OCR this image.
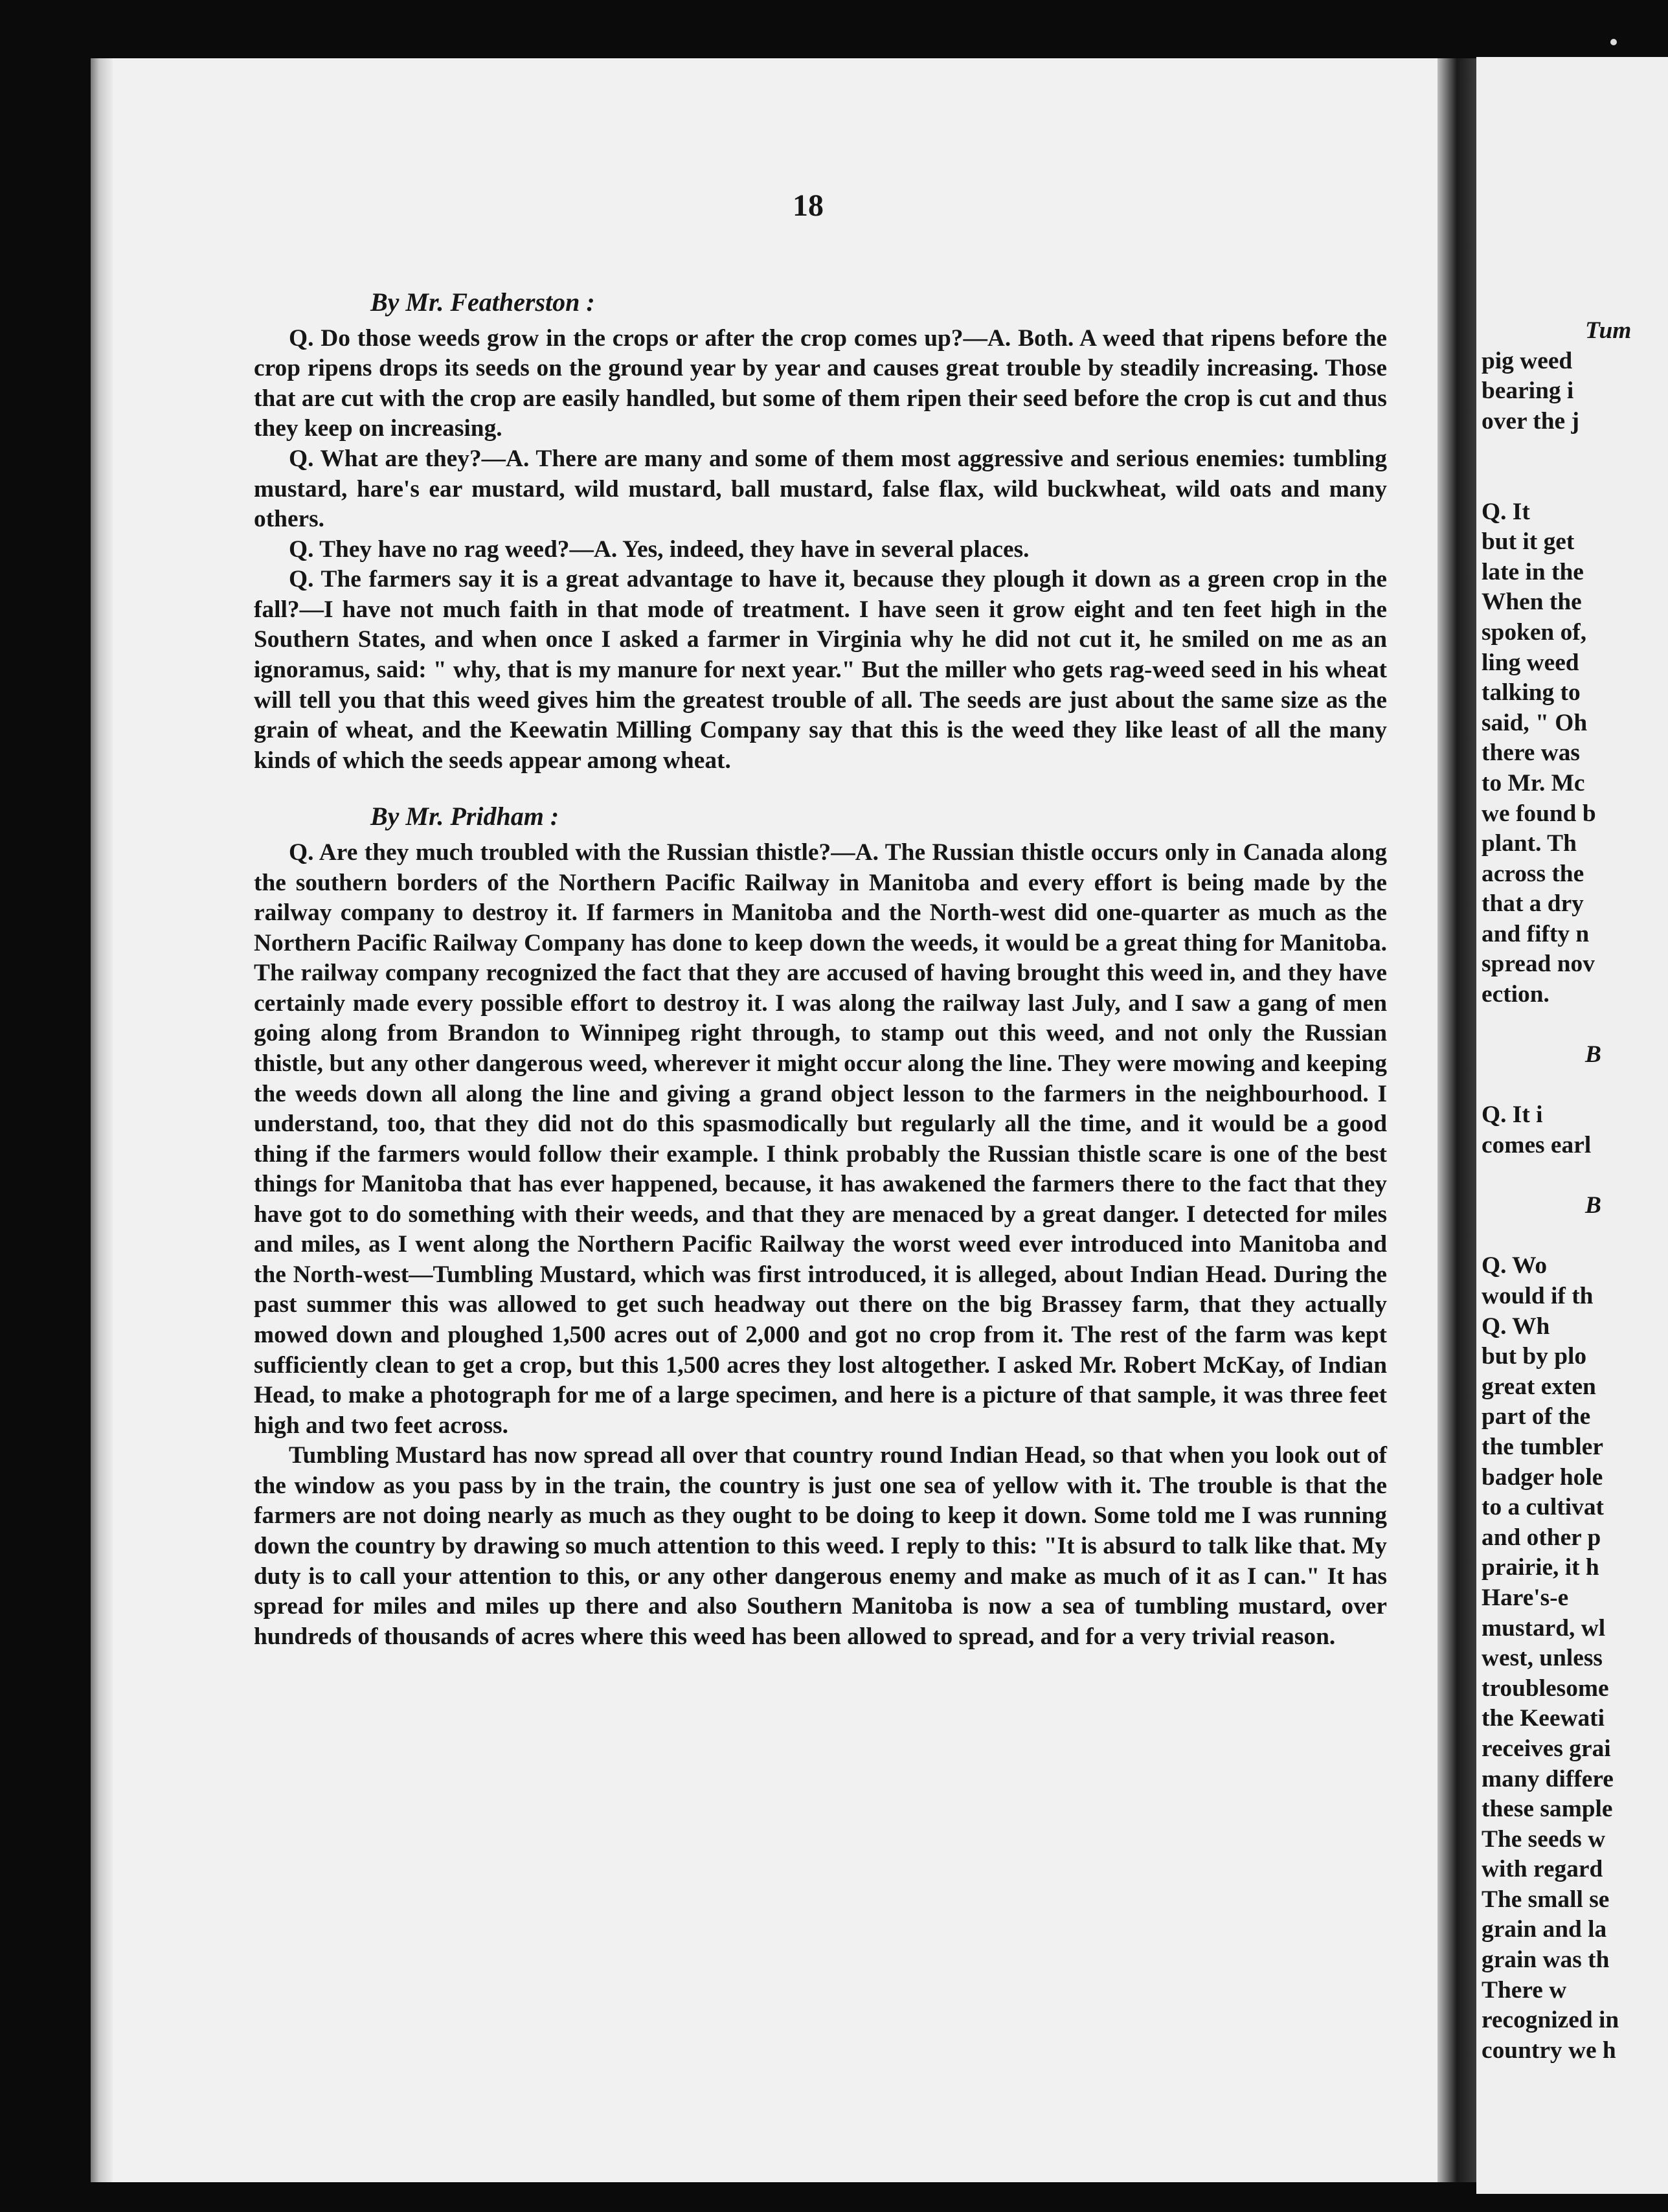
Tum
pig weed
bearing i
over the j
Q. It
but it get
late in the
When the
spoken of,
ling weed
talking to
said, " Oh
there was
to Mr. Mc
we found b
plant. Th
across the
that a dry
and fifty n
spread nov
ection.
B
Q. It i
comes earl
B
Q. Wo
would if th
Q. Wh
but by plo
great exten
part of the
the tumbler
badger hole
to a cultivat
and other p
prairie, it h
Hare's-e
mustard, wl
west, unless
troublesome
the Keewati
receives grai
many differe
these sample
The seeds w
with regard
The small se
grain and la
grain was th
There w
recognized in
country we h
18

By Mr. Featherston :

Q. Do those weeds grow in the crops or after the crop comes up?—A. Both. A weed that ripens before the crop ripens drops its seeds on the ground year by year and causes great trouble by steadily increasing. Those that are cut with the crop are easily handled, but some of them ripen their seed before the crop is cut and thus they keep on increasing.

Q. What are they?—A. There are many and some of them most aggressive and serious enemies: tumbling mustard, hare's ear mustard, wild mustard, ball mustard, false flax, wild buckwheat, wild oats and many others.

Q. They have no rag weed?—A. Yes, indeed, they have in several places.

Q. The farmers say it is a great advantage to have it, because they plough it down as a green crop in the fall?—I have not much faith in that mode of treatment. I have seen it grow eight and ten feet high in the Southern States, and when once I asked a farmer in Virginia why he did not cut it, he smiled on me as an ignoramus, said: " why, that is my manure for next year." But the miller who gets rag-weed seed in his wheat will tell you that this weed gives him the greatest trouble of all. The seeds are just about the same size as the grain of wheat, and the Keewatin Milling Company say that this is the weed they like least of all the many kinds of which the seeds appear among wheat.

By Mr. Pridham :

Q. Are they much troubled with the Russian thistle?—A. The Russian thistle occurs only in Canada along the southern borders of the Northern Pacific Railway in Manitoba and every effort is being made by the railway company to destroy it. If farmers in Manitoba and the North-west did one-quarter as much as the Northern Pacific Railway Company has done to keep down the weeds, it would be a great thing for Manitoba. The railway company recognized the fact that they are accused of having brought this weed in, and they have certainly made every possible effort to destroy it. I was along the railway last July, and I saw a gang of men going along from Brandon to Winnipeg right through, to stamp out this weed, and not only the Russian thistle, but any other dangerous weed, wherever it might occur along the line. They were mowing and keeping the weeds down all along the line and giving a grand object lesson to the farmers in the neighbourhood. I understand, too, that they did not do this spasmodically but regularly all the time, and it would be a good thing if the farmers would follow their example. I think probably the Russian thistle scare is one of the best things for Manitoba that has ever happened, because, it has awakened the farmers there to the fact that they have got to do something with their weeds, and that they are menaced by a great danger. I detected for miles and miles, as I went along the Northern Pacific Railway the worst weed ever introduced into Manitoba and the North-west—Tumbling Mustard, which was first introduced, it is alleged, about Indian Head. During the past summer this was allowed to get such headway out there on the big Brassey farm, that they actually mowed down and ploughed 1,500 acres out of 2,000 and got no crop from it. The rest of the farm was kept sufficiently clean to get a crop, but this 1,500 acres they lost altogether. I asked Mr. Robert McKay, of Indian Head, to make a photograph for me of a large specimen, and here is a picture of that sample, it was three feet high and two feet across.

Tumbling Mustard has now spread all over that country round Indian Head, so that when you look out of the window as you pass by in the train, the country is just one sea of yellow with it. The trouble is that the farmers are not doing nearly as much as they ought to be doing to keep it down. Some told me I was running down the country by drawing so much attention to this weed. I reply to this: "It is absurd to talk like that. My duty is to call your attention to this, or any other dangerous enemy and make as much of it as I can." It has spread for miles and miles up there and also Southern Manitoba is now a sea of tumbling mustard, over hundreds of thousands of acres where this weed has been allowed to spread, and for a very trivial reason.
